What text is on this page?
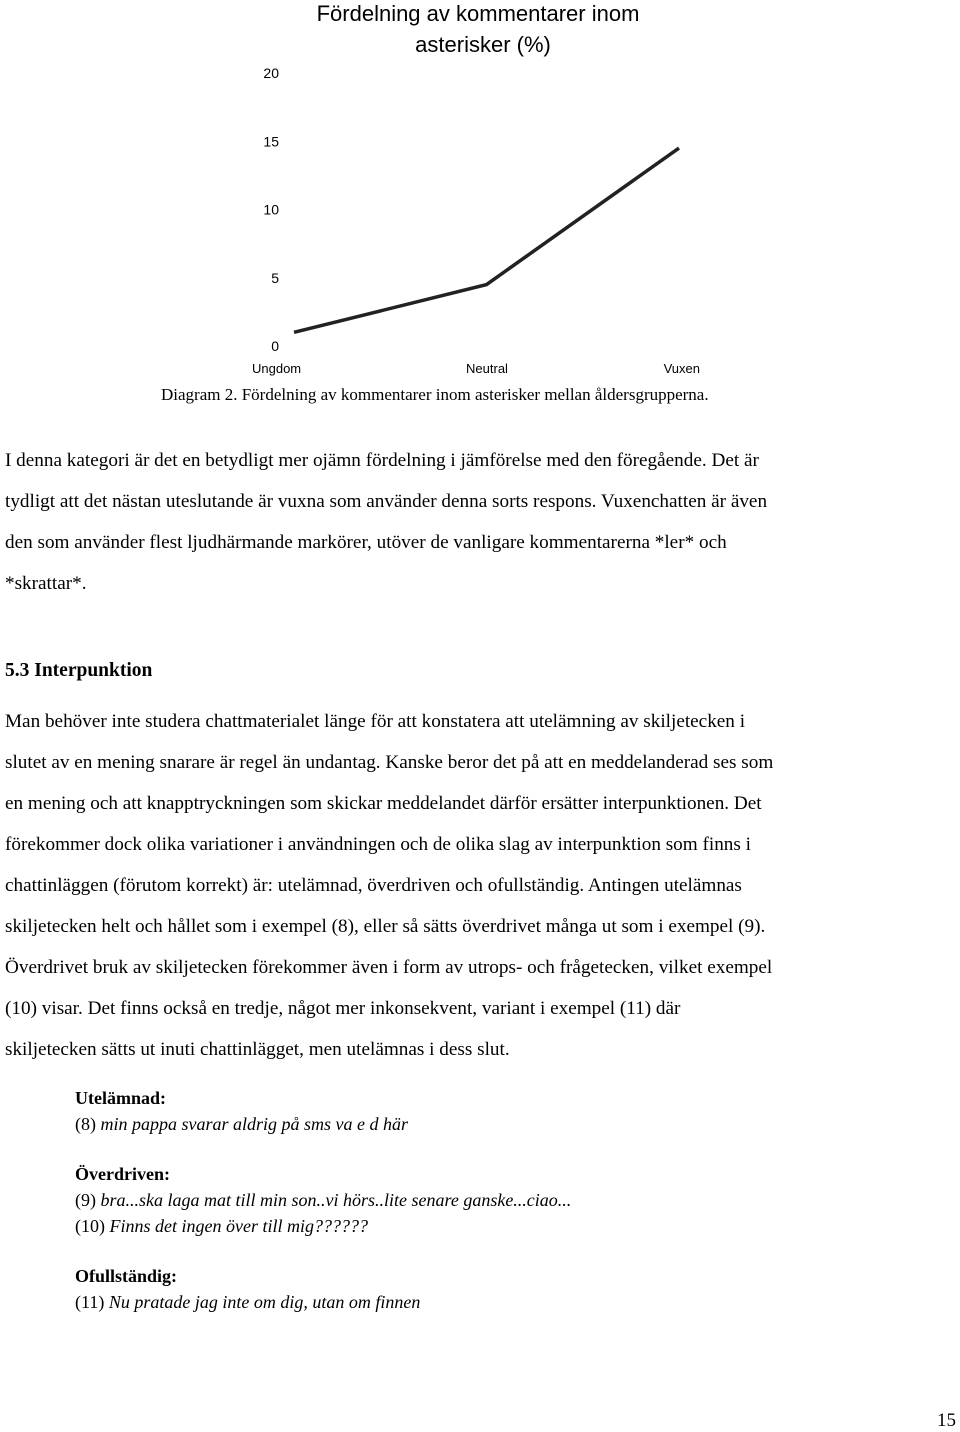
Fördelning av kommentarer inom
asterisker (%)
0
5
10
15
20
Ungdom	Neutral	Vuxen
Diagram 2. Fördelning av kommentarer inom asterisker mellan åldersgrupperna.
I denna kategori är det en betydligt mer ojämn fördelning i jämförelse med den föregående. Det är
tydligt att det nästan uteslutande är vuxna som använder denna sorts respons. Vuxenchatten är även
den som använder flest ljudhärmande markörer, utöver de vanligare kommentarerna *ler* och
*skrattar*.
5.3 Interpunktion
Man behöver inte studera chattmaterialet länge för att konstatera att utelämning av skiljetecken i
slutet av en mening snarare är regel än undantag. Kanske beror det på att en meddelanderad ses som
en mening och att knapptryckningen som skickar meddelandet därför ersätter interpunktionen. Det
förekommer dock olika variationer i användningen och de olika slag av interpunktion som finns i
chattinläggen (förutom korrekt) är: utelämnad, överdriven och ofullständig. Antingen utelämnas
skiljetecken helt och hållet som i exempel (8), eller så sätts överdrivet många ut som i exempel (9).
Överdrivet bruk av skiljetecken förekommer även i form av utrops- och frågetecken, vilket exempel
(10) visar. Det finns också en tredje, något mer inkonsekvent, variant i exempel (11) där
skiljetecken sätts ut inuti chattinlägget, men utelämnas i dess slut.
Utelämnad:
(8) min pappa svarar aldrig på sms va e d här
Överdriven:
(9) bra...ska laga mat till min son..vi hörs..lite senare ganske...ciao...
(10) Finns det ingen över till mig??????
Ofullständig:
(11) Nu pratade jag inte om dig, utan om finnen
15
